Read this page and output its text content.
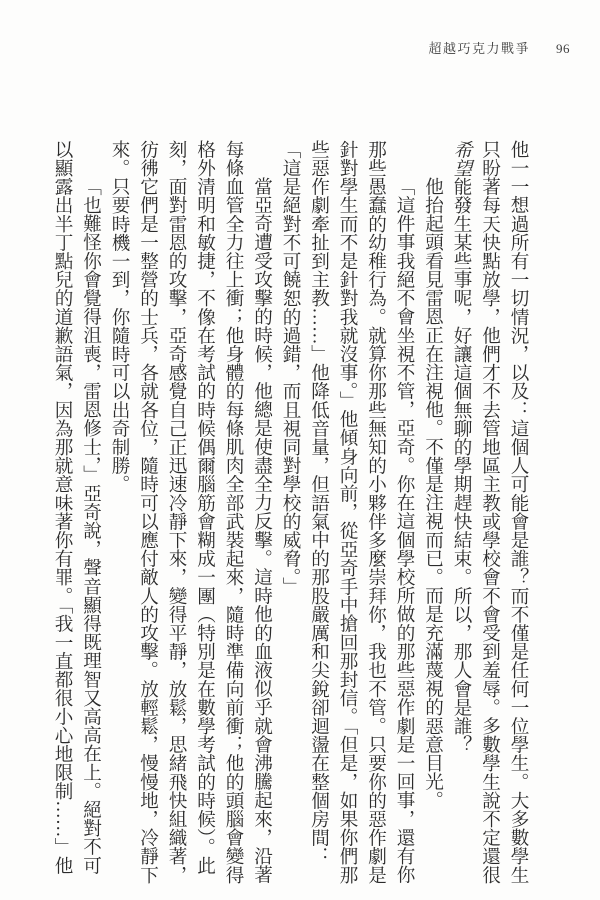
超越巧克力戰爭 96

他一一想過所有一切情況，以及：這個人可能會是誰？而不僅是任何一位學生。大多數學生只盼著每天快點放學，他們才不去管地區主教或學校會不會受到羞辱。多數學生說不定還很希望能發生某些事呢，好讓這個無聊的學期趕快結束。所以，那人會是誰？

他抬起頭看見雷恩正在注視他。不僅是注視而已。而是充滿蔑視的惡意目光。

「這件事我絕不會坐視不管，亞奇。你在這個學校所做的那些惡作劇是一回事，還有你那些愚蠢的幼稚行為。就算你那些無知的小夥伴多麼崇拜你，我也不管。只要你的惡作劇是針對學生而不是針對我就沒事。」他傾身向前，從亞奇手中搶回那封信。「但是，如果你們那些惡作劇牽扯到主教……」他降低音量，但語氣中的那股嚴厲和尖銳卻迴盪在整個房間：「這是絕對不可饒恕的過錯，而且視同對學校的威脅。」

當亞奇遭受攻擊的時候，他總是使盡全力反擊。這時他的血液似乎就會沸騰起來，沿著每條血管全力往上衝；他身體的每條肌肉全部武裝起來，隨時準備向前衝；他的頭腦會變得格外清明和敏捷，不像在考試的時候偶爾腦筋會糊成一團（特別是在數學考試的時候）。此刻，面對雷恩的攻擊，亞奇感覺自己正迅速冷靜下來，變得平靜，放鬆，思緒飛快組織著，彷彿它們是一整營的士兵，各就各位，隨時可以應付敵人的攻擊。放輕鬆，慢慢地，冷靜下來。只要時機一到，你隨時可以出奇制勝。

「也難怪你會覺得沮喪，雷恩修士，」亞奇說，聲音顯得既理智又高高在上。絕對不可以顯露出半丁點兒的道歉語氣，因為那就意味著你有罪。「我一直都很小心地限制……」他
